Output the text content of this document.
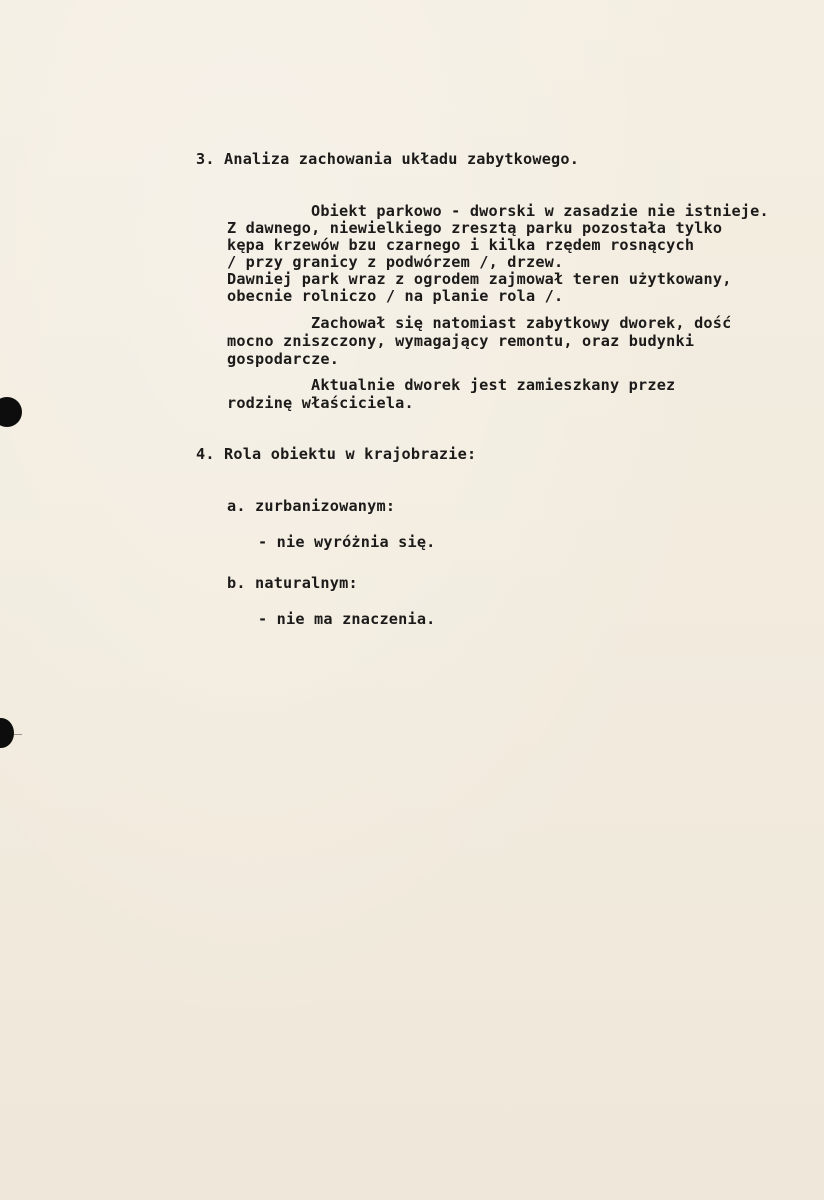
3. Analiza zachowania układu zabytkowego.
Obiekt parkowo - dworski w zasadzie nie istnieje.
Z dawnego, niewielkiego zresztą parku pozostała tylko
kępa krzewów bzu czarnego i kilka rzędem rosnących
/ przy granicy z podwórzem /, drzew.
Dawniej park wraz z ogrodem zajmował teren użytkowany,
obecnie rolniczo / na planie rola /.
Zachował się natomiast zabytkowy dworek, dość
mocno zniszczony, wymagający remontu, oraz budynki
gospodarcze.
Aktualnie dworek jest zamieszkany przez
rodzinę właściciela.
4. Rola obiektu w krajobrazie:
a. zurbanizowanym:
- nie wyróżnia się.
b. naturalnym:
- nie ma znaczenia.
